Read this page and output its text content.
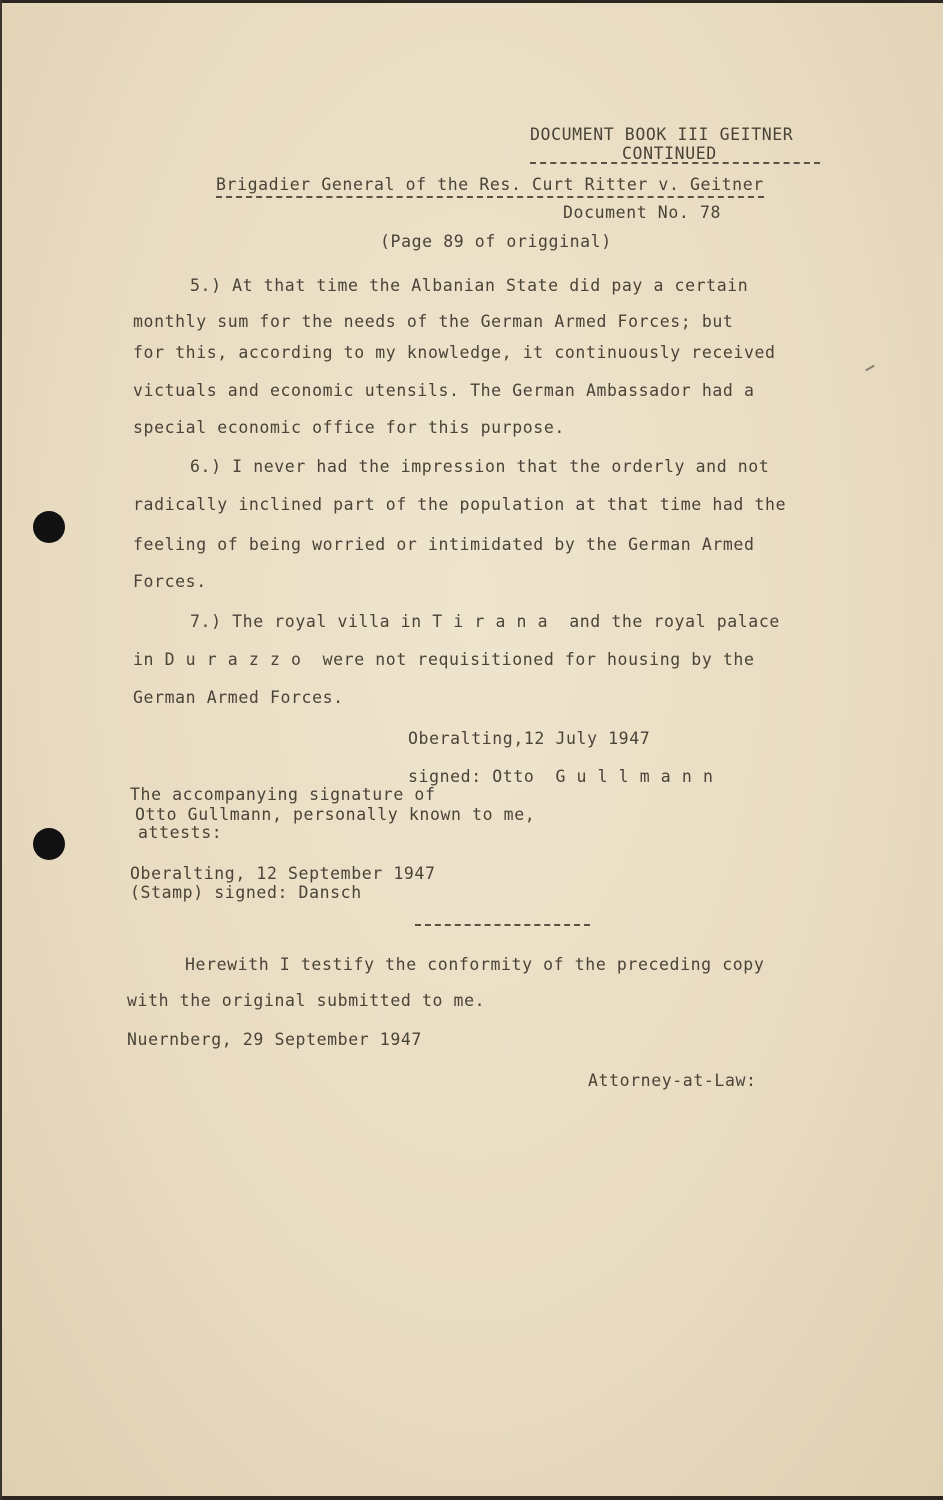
DOCUMENT BOOK III GEITNER
CONTINUED
Brigadier General of the Res. Curt Ritter v. Geitner
Document No. 78
(Page 89 of origginal)
5.) At that time the Albanian State did pay a certain
monthly sum for the needs of the German Armed Forces; but
for this, according to my knowledge, it continuously received
victuals and economic utensils. The German Ambassador had a
special economic office for this purpose.
6.) I never had the impression that the orderly and not
radically inclined part of the population at that time had the
feeling of being worried or intimidated by the German Armed
Forces.
7.) The royal villa in T i r a n a  and the royal palace
in D u r a z z o  were not requisitioned for housing by the
German Armed Forces.
Oberalting,12 July 1947
signed: Otto  G u l l m a n n
The accompanying signature of
Otto Gullmann, personally known to me,
attests:
Oberalting, 12 September 1947
(Stamp) signed: Dansch
Herewith I testify the conformity of the preceding copy
with the original submitted to me.
Nuernberg, 29 September 1947
Attorney-at-Law:
